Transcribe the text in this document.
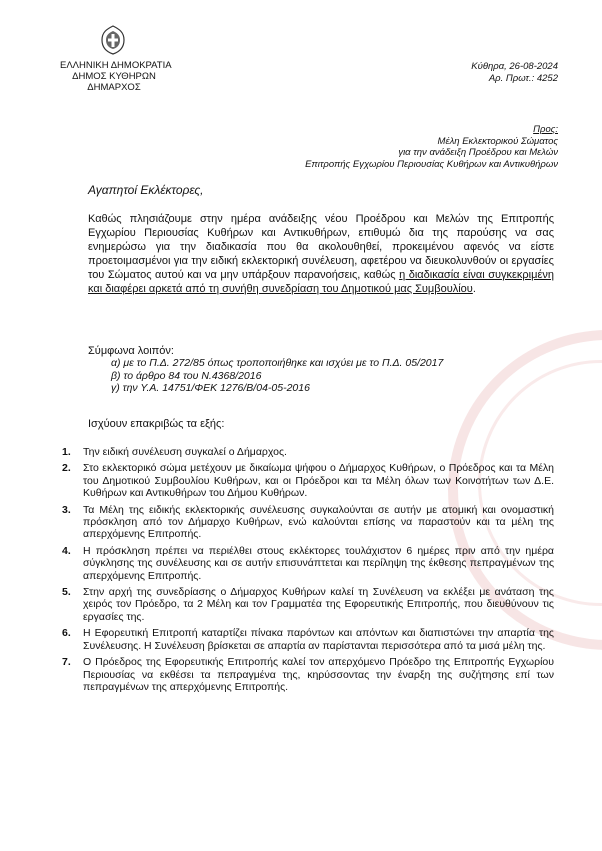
ΕΛΛΗΝΙΚΗ ΔΗΜΟΚΡΑΤΙΑ
ΔΗΜΟΣ ΚΥΘΗΡΩΝ
ΔΗΜΑΡΧΟΣ
Κύθηρα, 26-08-2024
Αρ. Πρωτ.: 4252
Προς:
Μέλη Εκλεκτορικού Σώματος
για την ανάδειξη Προέδρου και Μελών
Επιτροπής Εγχωρίου Περιουσίας Κυθήρων και Αντικυθήρων
Αγαπητοί Εκλέκτορες,

Καθώς πλησιάζουμε στην ημέρα ανάδειξης νέου Προέδρου και Μελών της Επιτροπής Εγχωρίου Περιουσίας Κυθήρων και Αντικυθήρων, επιθυμώ δια της παρούσης να σας ενημερώσω για την διαδικασία που θα ακολουθηθεί, προκειμένου αφενός να είστε προετοιμασμένοι για την ειδική εκλεκτορική συνέλευση, αφετέρου να διευκολυνθούν οι εργασίες του Σώματος αυτού και να μην υπάρξουν παρανοήσεις, καθώς η διαδικασία είναι συγκεκριμένη και διαφέρει αρκετά από τη συνήθη συνεδρίαση του Δημοτικού μας Συμβουλίου.

Σύμφωνα λοιπόν:
α) με το Π.Δ. 272/85 όπως τροποποιήθηκε και ισχύει με το Π.Δ. 05/2017
β) το άρθρο 84 του Ν.4368/2016
γ) την Υ.Α. 14751/ΦΕΚ 1276/Β/04-05-2016
Ισχύουν επακριβώς τα εξής:
1. Την ειδική συνέλευση συγκαλεί ο Δήμαρχος.
2. Στο εκλεκτορικό σώμα μετέχουν με δικαίωμα ψήφου ο Δήμαρχος Κυθήρων, ο Πρόεδρος και τα Μέλη του Δημοτικού Συμβουλίου Κυθήρων, και οι Πρόεδροι και τα Μέλη όλων των Κοινοτήτων των Δ.Ε. Κυθήρων και Αντικυθήρων του Δήμου Κυθήρων.
3. Τα Μέλη της ειδικής εκλεκτορικής συνέλευσης συγκαλούνται σε αυτήν με ατομική και ονομαστική πρόσκληση από τον Δήμαρχο Κυθήρων, ενώ καλούνται επίσης να παραστούν και τα μέλη της απερχόμενης Επιτροπής.
4. Η πρόσκληση πρέπει να περιέλθει στους εκλέκτορες τουλάχιστον 6 ημέρες πριν από την ημέρα σύγκλησης της συνέλευσης και σε αυτήν επισυνάπτεται και περίληψη της έκθεσης πεπραγμένων της απερχόμενης Επιτροπής.
5. Στην αρχή της συνεδρίασης ο Δήμαρχος Κυθήρων καλεί τη Συνέλευση να εκλέξει με ανάταση της χειρός τον Πρόεδρο, τα 2 Μέλη και τον Γραμματέα της Εφορευτικής Επιτροπής, που διευθύνουν τις εργασίες της.
6. Η Εφορευτική Επιτροπή καταρτίζει πίνακα παρόντων και απόντων και διαπιστώνει την απαρτία της Συνέλευσης. Η Συνέλευση βρίσκεται σε απαρτία αν παρίστανται περισσότερα από τα μισά μέλη της.
7. Ο Πρόεδρος της Εφορευτικής Επιτροπής καλεί τον απερχόμενο Πρόεδρο της Επιτροπής Εγχωρίου Περιουσίας να εκθέσει τα πεπραγμένα της, κηρύσσοντας την έναρξη της συζήτησης επί των πεπραγμένων της απερχόμενης Επιτροπής.
